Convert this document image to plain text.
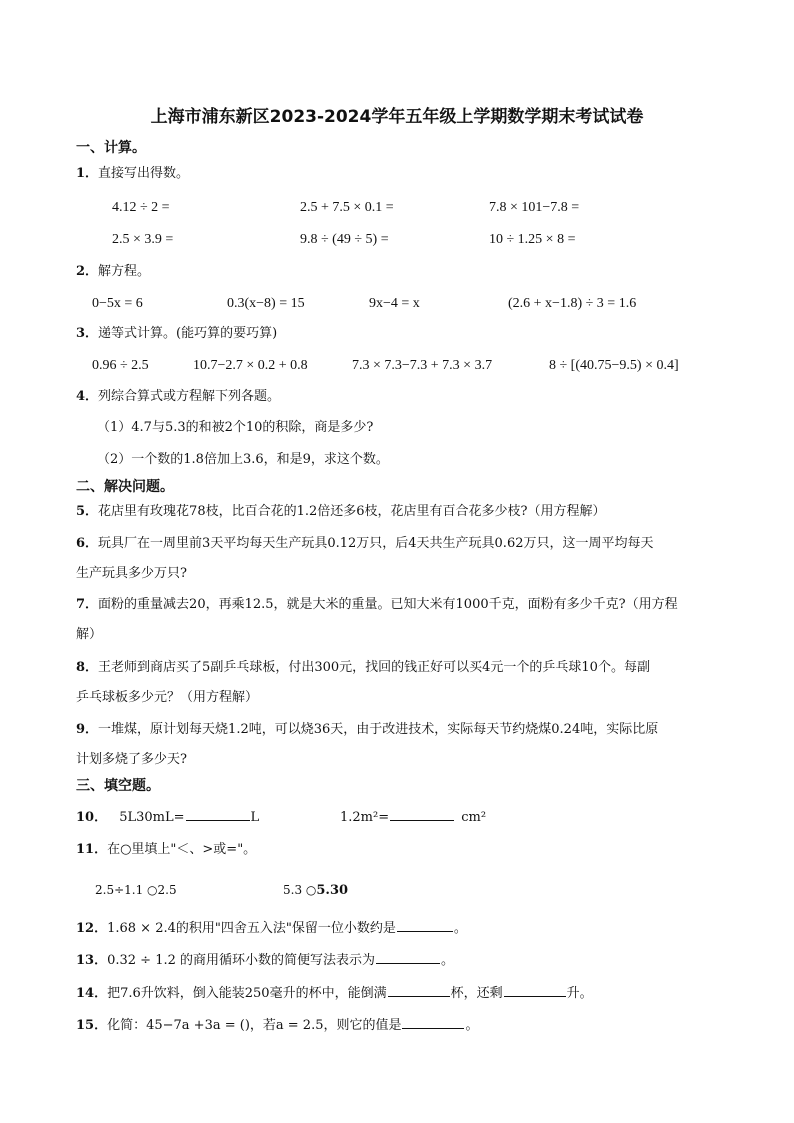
上海市浦东新区2023-2024学年五年级上学期数学期末考试试卷
一、计算。
1．直接写出得数。
4.12 ÷ 2 =	2.5 + 7.5 × 0.1 =	7.8 × 101−7.8 =
2.5 × 3.9 =	9.8 ÷ (49 ÷ 5) =	10 ÷ 1.25 × 8 =
2．解方程。
0−5x = 6	0.3(x−8) = 15	9x−4 = x	(2.6 + x−1.8) ÷ 3 = 1.6
3．递等式计算。(能巧算的要巧算)
0.96 ÷ 2.5	10.7−2.7 × 0.2 + 0.8	7.3 × 7.3−7.3 + 7.3 × 3.7	8 ÷ [(40.75−9.5) × 0.4]
4．列综合算式或方程解下列各题。
（1）4.7与5.3的和被2个10的积除，商是多少?
（2）一个数的1.8倍加上3.6，和是9，求这个数。
二、解决问题。
5．花店里有玫瑰花78枝，比百合花的1.2倍还多6枝，花店里有百合花多少枝?（用方程解）
6．玩具厂在一周里前3天平均每天生产玩具0.12万只，后4天共生产玩具0.62万只，这一周平均每天
生产玩具多少万只?
7．面粉的重量减去20，再乘12.5，就是大米的重量。已知大米有1000千克，面粉有多少千克?（用方程
解）
8．王老师到商店买了5副乒乓球板，付出300元，找回的钱正好可以买4元一个的乒乓球10个。每副
乒乓球板多少元？（用方程解）
9．一堆煤，原计划每天烧1.2吨，可以烧36天，由于改进技术，实际每天节约烧煤0.24吨，实际比原
计划多烧了多少天?
三、填空题。
10． 5L30mL=	L	1.2m²=	cm²
11．在○里填上"＜、>或="。
2.5÷1.1 ○2.5	5.3 ○5.30
12．1.68 × 2.4的积用"四舍五入法"保留一位小数约是	。
13．0.32 ÷ 1.2 的商用循环小数的简便写法表示为	。
14．把7.6升饮料，倒入能装250毫升的杯中，能倒满	杯，还剩	升。
15．化简：45−7a +3a = ()，若a = 2.5，则它的值是	。
